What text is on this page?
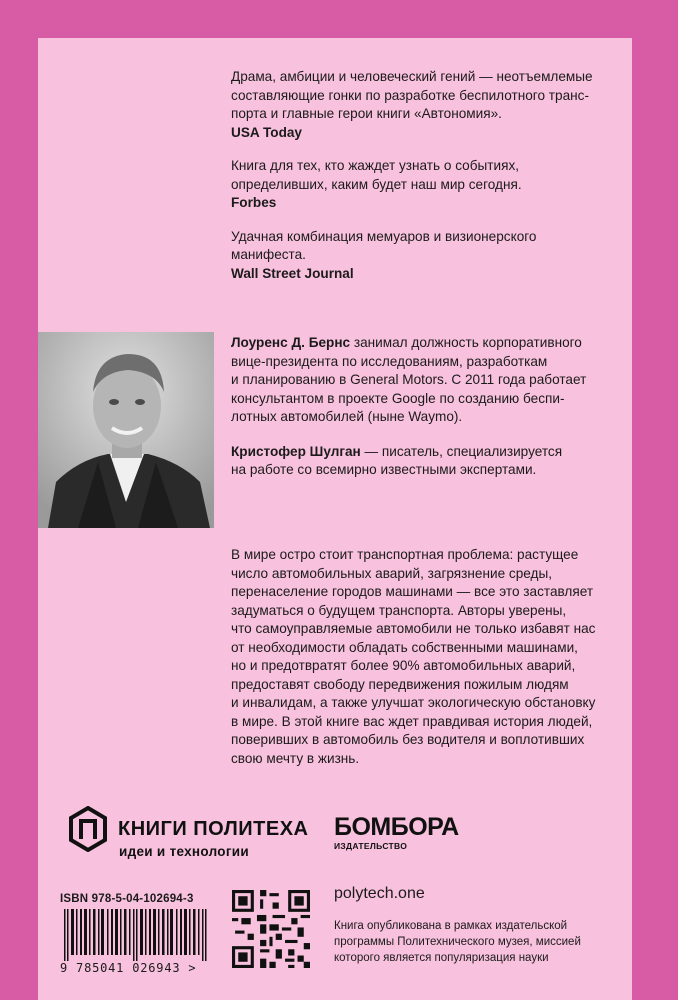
Драма, амбиции и человеческий гений — неотъемлемые
составляющие гонки по разработке беспилотного транс-
порта и главные герои книги «Автономия».
USA Today
Книга для тех, кто жаждет узнать о событиях,
определивших, каким будет наш мир сегодня.
Forbes
Удачная комбинация мемуаров и визионерского
манифеста.
Wall Street Journal
Лоуренс Д. Бернс занимал должность корпоративного
вице-президента по исследованиям, разработкам
и планированию в General Motors. С 2011 года работает
консультантом в проекте Google по созданию беспи-
лотных автомобилей (ныне Waymo).
Кристофер Шулган — писатель, специализируется
на работе со всемирно известными экспертами.
В мире остро стоит транспортная проблема: растущее
число автомобильных аварий, загрязнение среды,
перенаселение городов машинами — все это заставляет
задуматься о будущем транспорта. Авторы уверены,
что самоуправляемые автомобили не только избавят нас
от необходимости обладать собственными машинами,
но и предотвратят более 90% автомобильных аварий,
предоставят свободу передвижения пожилым людям
и инвалидам, а также улучшат экологическую обстановку
в мире. В этой книге вас ждет правдивая история людей,
поверивших в автомобиль без водителя и воплотивших
свою мечту в жизнь.
КНИГИ ПОЛИТЕХА
идеи и технологии
БОМБОРА
ИЗДАТЕЛЬСТВО
ISBN 978-5-04-102694-3
9 785041 026943 >
polytech.one
Книга опубликована в рамках издательской
программы Политехнического музея, миссией
которого является популяризация науки
